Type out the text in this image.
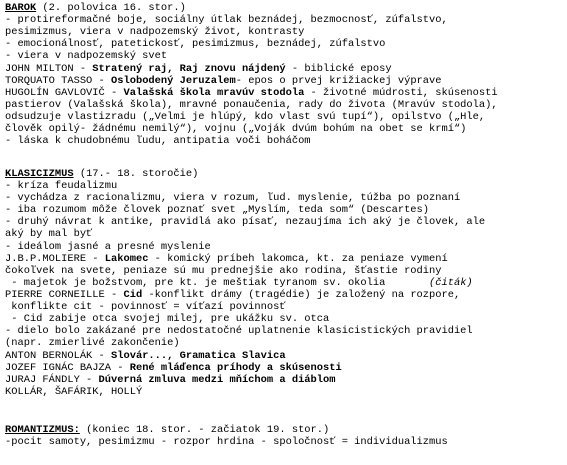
BAROK (2. polovica 16. stor.)
- protireformačné boje, sociálny útlak beznádej, bezmocnosť, zúfalstvo,
pesimizmus, viera v nadpozemský život, kontrasty
- emocionálnosť, patetickosť, pesimizmus, beznádej, zúfalstvo
- viera v nadpozemský svet
JOHN MILTON - Stratený raj, Raj znovu nájdený - biblické eposy
TORQUATO TASSO - Oslobodený Jeruzalem- epos o prvej križiackej výprave
HUGOLÍN GAVLOVIČ - Valašská škola mravúv stodola - životné múdrosti, skúsenosti
pastierov (Valašská škola), mravné ponaučenia, rady do života (Mravúv stodola),
odsudzuje vlastizradu („Velmi je hlúpý, kdo vlast svú tupí“), opilstvo („Hle,
člověk opilý- žádnému nemilý“), vojnu („Voják dvúm bohúm na obet se krmí“)
- láska k chudobnému ľudu, antipatia voči boháčom
KLASICIZMUS (17.- 18. storočie)
- kríza feudalizmu
- vychádza z racionalizmu, viera v rozum, ľud. myslenie, túžba po poznaní
- iba rozumom môže človek poznať svet „Myslím, teda som“ (Descartes)
- druhý návrat k antike, pravidlá ako písať, nezaujíma ich aký je človek, ale
aký by mal byť
- ideálom jasné a presné myslenie
J.B.P.MOLIERE - Lakomec - komický príbeh lakomca, kt. za peniaze vymení
čokoľvek na svete, peniaze sú mu prednejšie ako rodina, šťastie rodiny
- majetok je božstvom, pre kt. je meštiak tyranom sv. okolia       (čiták)
PIERRE CORNEILLE - Cid -konflikt drámy (tragédie) je založený na rozpore,
konflikte cit - povinnosť = víťazí povinnosť
- Cid zabije otca svojej milej, pre ukážku sv. otca
- dielo bolo zakázané pre nedostatočné uplatnenie klasicistických pravidiel
(napr. zmierlivé zakončenie)
ANTON BERNOLÁK - Slovár..., Gramatica Slavica
JOZEF IGNÁC BAJZA - René mláďenca príhody a skúsenosti
JURAJ FÁNDLY - Dúverná zmluva medzi mňíchom a diáblom
KOLLÁR, ŠAFÁRIK, HOLLÝ
ROMANTIZMUS: (koniec 18. stor. - začiatok 19. stor.)
-pocit samoty, pesimizmu - rozpor hrdina - spoločnosť = individualizmus
